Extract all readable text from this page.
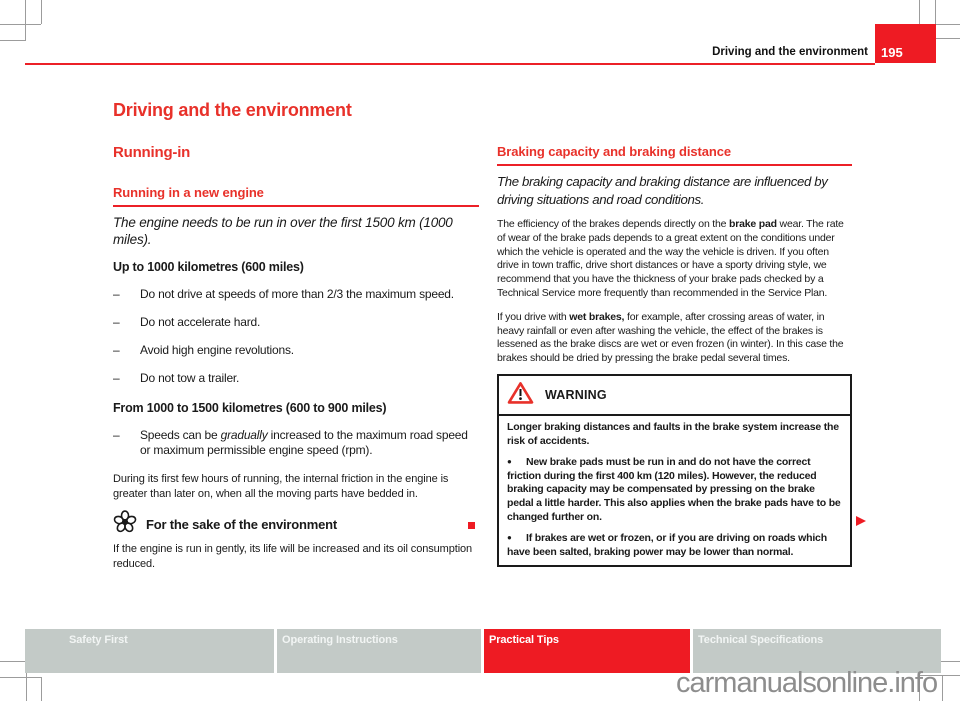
Driving and the environment 195
Driving and the environment
Running-in
Running in a new engine
The engine needs to be run in over the first 1500 km (1000 miles).
Up to 1000 kilometres (600 miles)
–	Do not drive at speeds of more than 2/3 the maximum speed.
–	Do not accelerate hard.
–	Avoid high engine revolutions.
–	Do not tow a trailer.
From 1000 to 1500 kilometres (600 to 900 miles)
–	Speeds can be gradually increased to the maximum road speed or maximum permissible engine speed (rpm).
During its first few hours of running, the internal friction in the engine is greater than later on, when all the moving parts have bedded in.
For the sake of the environment
If the engine is run in gently, its life will be increased and its oil consumption reduced.
Braking capacity and braking distance
The braking capacity and braking distance are influenced by driving situations and road conditions.

The efficiency of the brakes depends directly on the brake pad wear. The rate of wear of the brake pads depends to a great extent on the conditions under which the vehicle is operated and the way the vehicle is driven. If you often drive in town traffic, drive short distances or have a sporty driving style, we recommend that you have the thickness of your brake pads checked by a Technical Service more frequently than recommended in the Service Plan.

If you drive with wet brakes, for example, after crossing areas of water, in heavy rainfall or even after washing the vehicle, the effect of the brakes is lessened as the brake discs are wet or even frozen (in winter). In this case the brakes should be dried by pressing the brake pedal several times.

WARNING

Longer braking distances and faults in the brake system increase the risk of accidents.

● New brake pads must be run in and do not have the correct friction during the first 400 km (120 miles). However, the reduced braking capacity may be compensated by pressing on the brake pedal a little harder. This also applies when the brake pads have to be changed further on.

● If brakes are wet or frozen, or if you are driving on roads which have been salted, braking power may be lower than normal.

Safety First	Operating Instructions	Practical Tips	Technical Specifications
carmanualsonline.info
